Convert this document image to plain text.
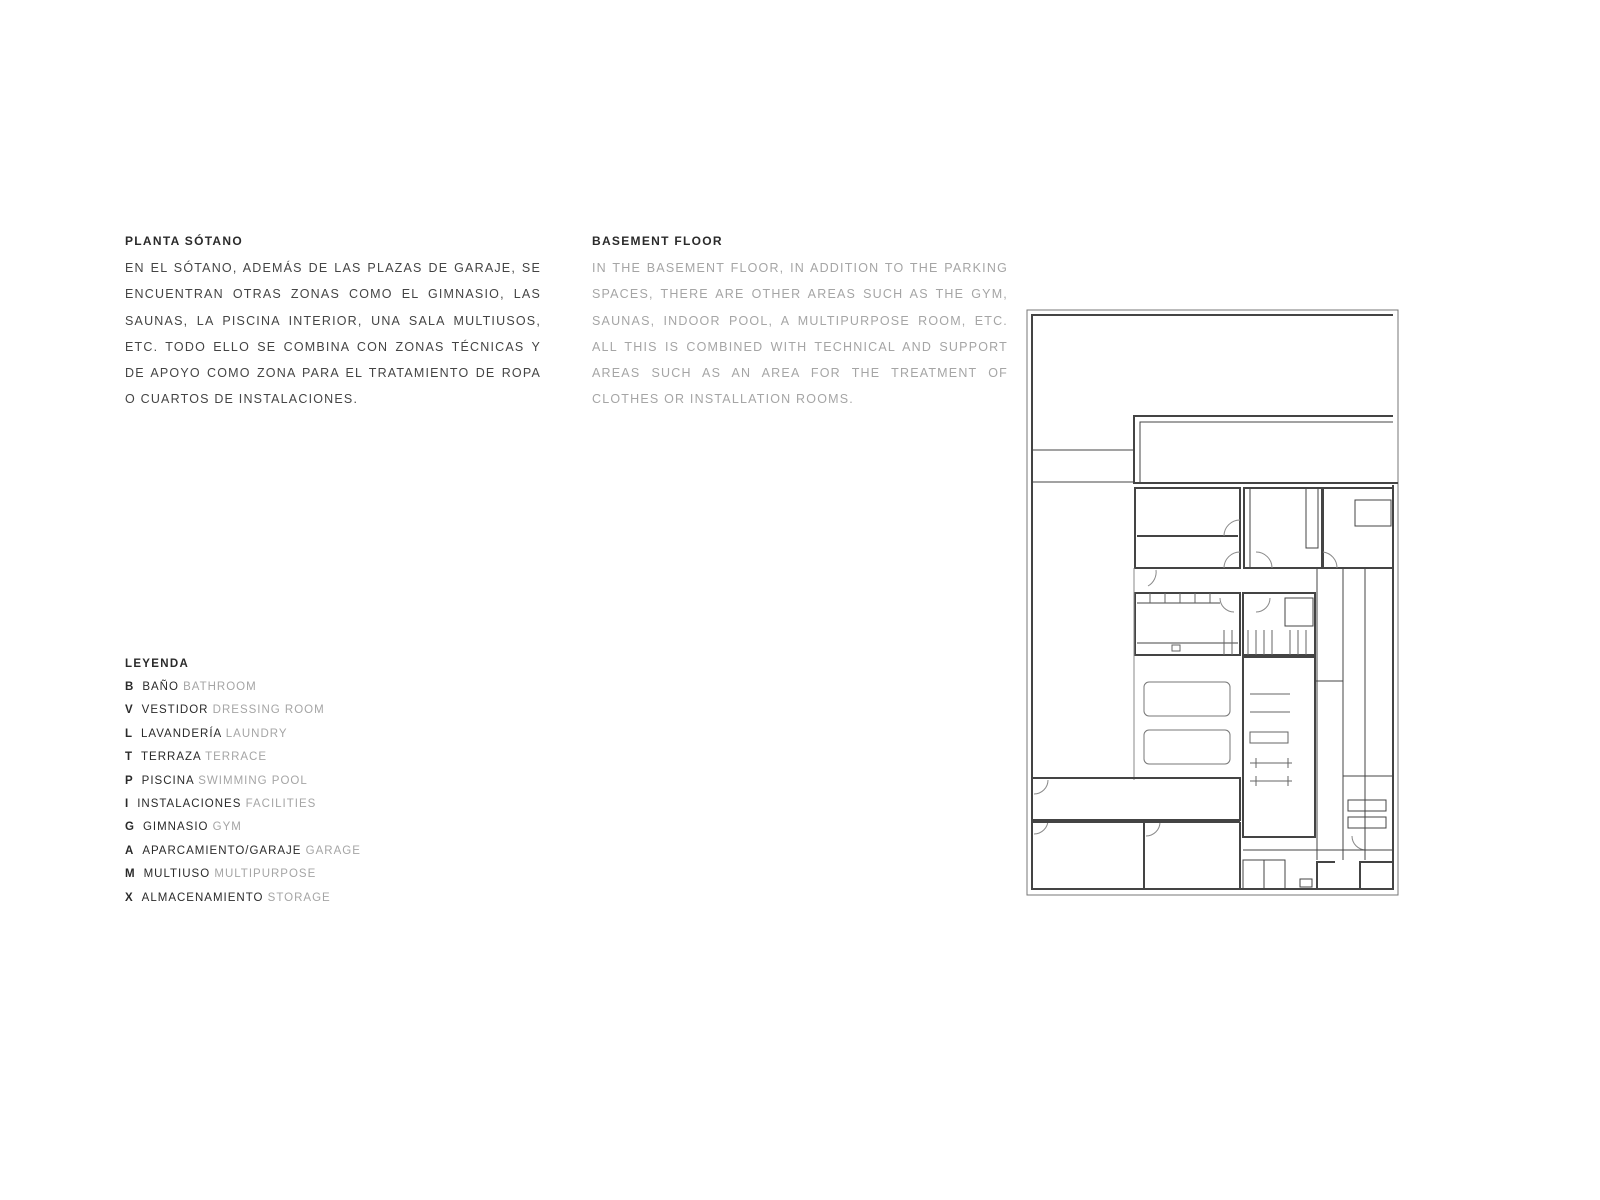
PLANTA SÓTANO
EN EL SÓTANO, ADEMÁS DE LAS PLAZAS DE GARAJE, SE ENCUENTRAN OTRAS ZONAS COMO EL GIMNASIO, LAS SAUNAS, LA PISCINA INTERIOR, UNA SALA MULTIUSOS, ETC. TODO ELLO SE COMBINA CON ZONAS TÉCNICAS Y DE APOYO COMO ZONA PARA EL TRATAMIENTO DE ROPA O CUARTOS DE INSTALACIONES.
BASEMENT FLOOR
IN THE BASEMENT FLOOR, IN ADDITION TO THE PARKING SPACES, THERE ARE OTHER AREAS SUCH AS THE GYM, SAUNAS, INDOOR POOL, A MULTIPURPOSE ROOM, ETC. ALL THIS IS COMBINED WITH TECHNICAL AND SUPPORT AREAS SUCH AS AN AREA FOR THE TREATMENT OF CLOTHES OR INSTALLATION ROOMS.
LEYENDA
B BAÑO BATHROOM
V VESTIDOR DRESSING ROOM
L LAVANDERÍA LAUNDRY
T TERRAZA TERRACE
P PISCINA SWIMMING POOL
I INSTALACIONES FACILITIES
G GIMNASIO GYM
A APARCAMIENTO/GARAJE GARAGE
M MULTIUSO MULTIPURPOSE
X ALMACENAMIENTO STORAGE
